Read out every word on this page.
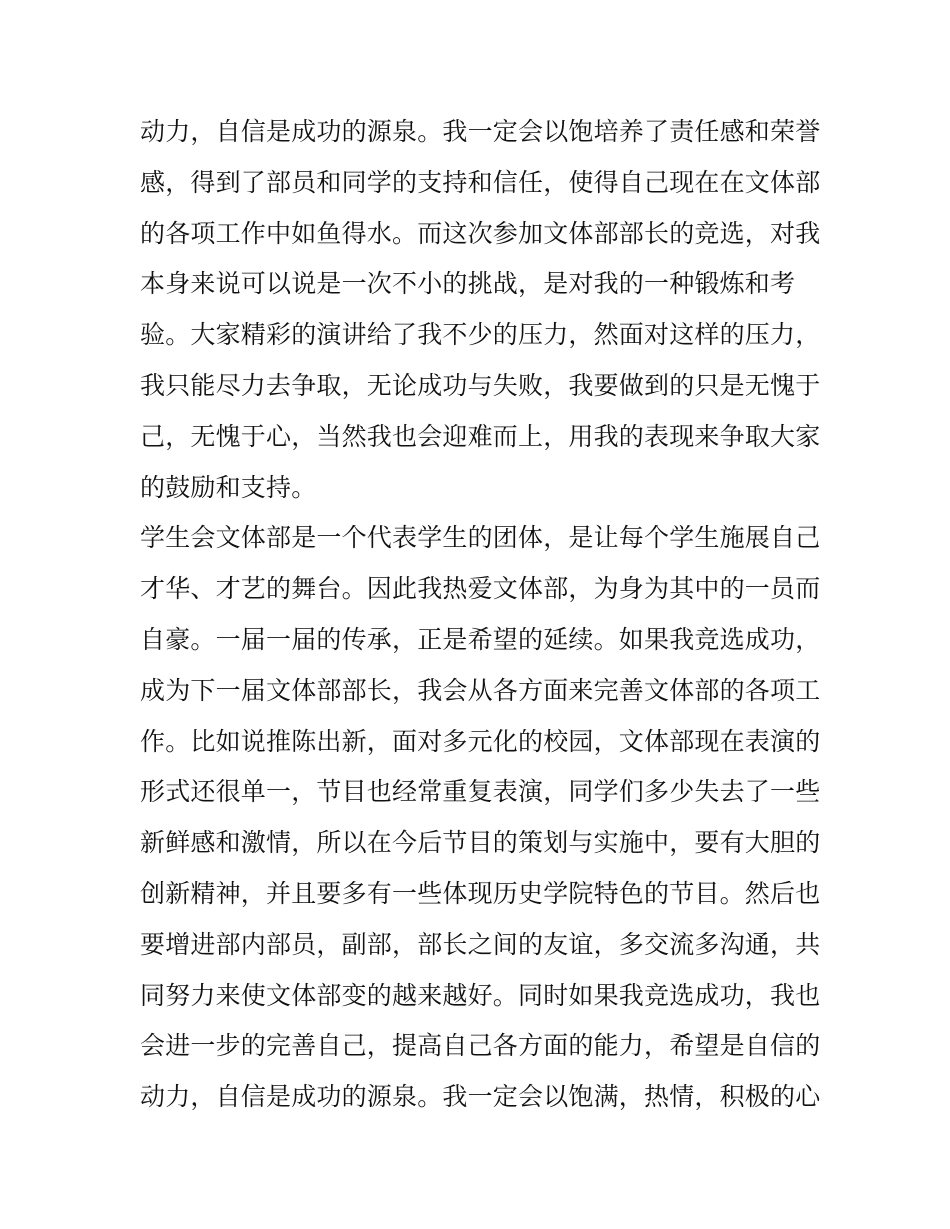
动力，自信是成功的源泉。我一定会以饱培养了责任感和荣誉
感，得到了部员和同学的支持和信任，使得自己现在在文体部
的各项工作中如鱼得水。而这次参加文体部部长的竞选，对我
本身来说可以说是一次不小的挑战，是对我的一种锻炼和考
验。大家精彩的演讲给了我不少的压力，然面对这样的压力，
我只能尽力去争取，无论成功与失败，我要做到的只是无愧于
己，无愧于心，当然我也会迎难而上，用我的表现来争取大家
的鼓励和支持。
学生会文体部是一个代表学生的团体，是让每个学生施展自己
才华、才艺的舞台。因此我热爱文体部，为身为其中的一员而
自豪。一届一届的传承，正是希望的延续。如果我竞选成功，
成为下一届文体部部长，我会从各方面来完善文体部的各项工
作。比如说推陈出新，面对多元化的校园，文体部现在表演的
形式还很单一，节目也经常重复表演，同学们多少失去了一些
新鲜感和激情，所以在今后节目的策划与实施中，要有大胆的
创新精神，并且要多有一些体现历史学院特色的节目。然后也
要增进部内部员，副部，部长之间的友谊，多交流多沟通，共
同努力来使文体部变的越来越好。同时如果我竞选成功，我也
会进一步的完善自己，提高自己各方面的能力，希望是自信的
动力，自信是成功的源泉。我一定会以饱满，热情，积极的心
